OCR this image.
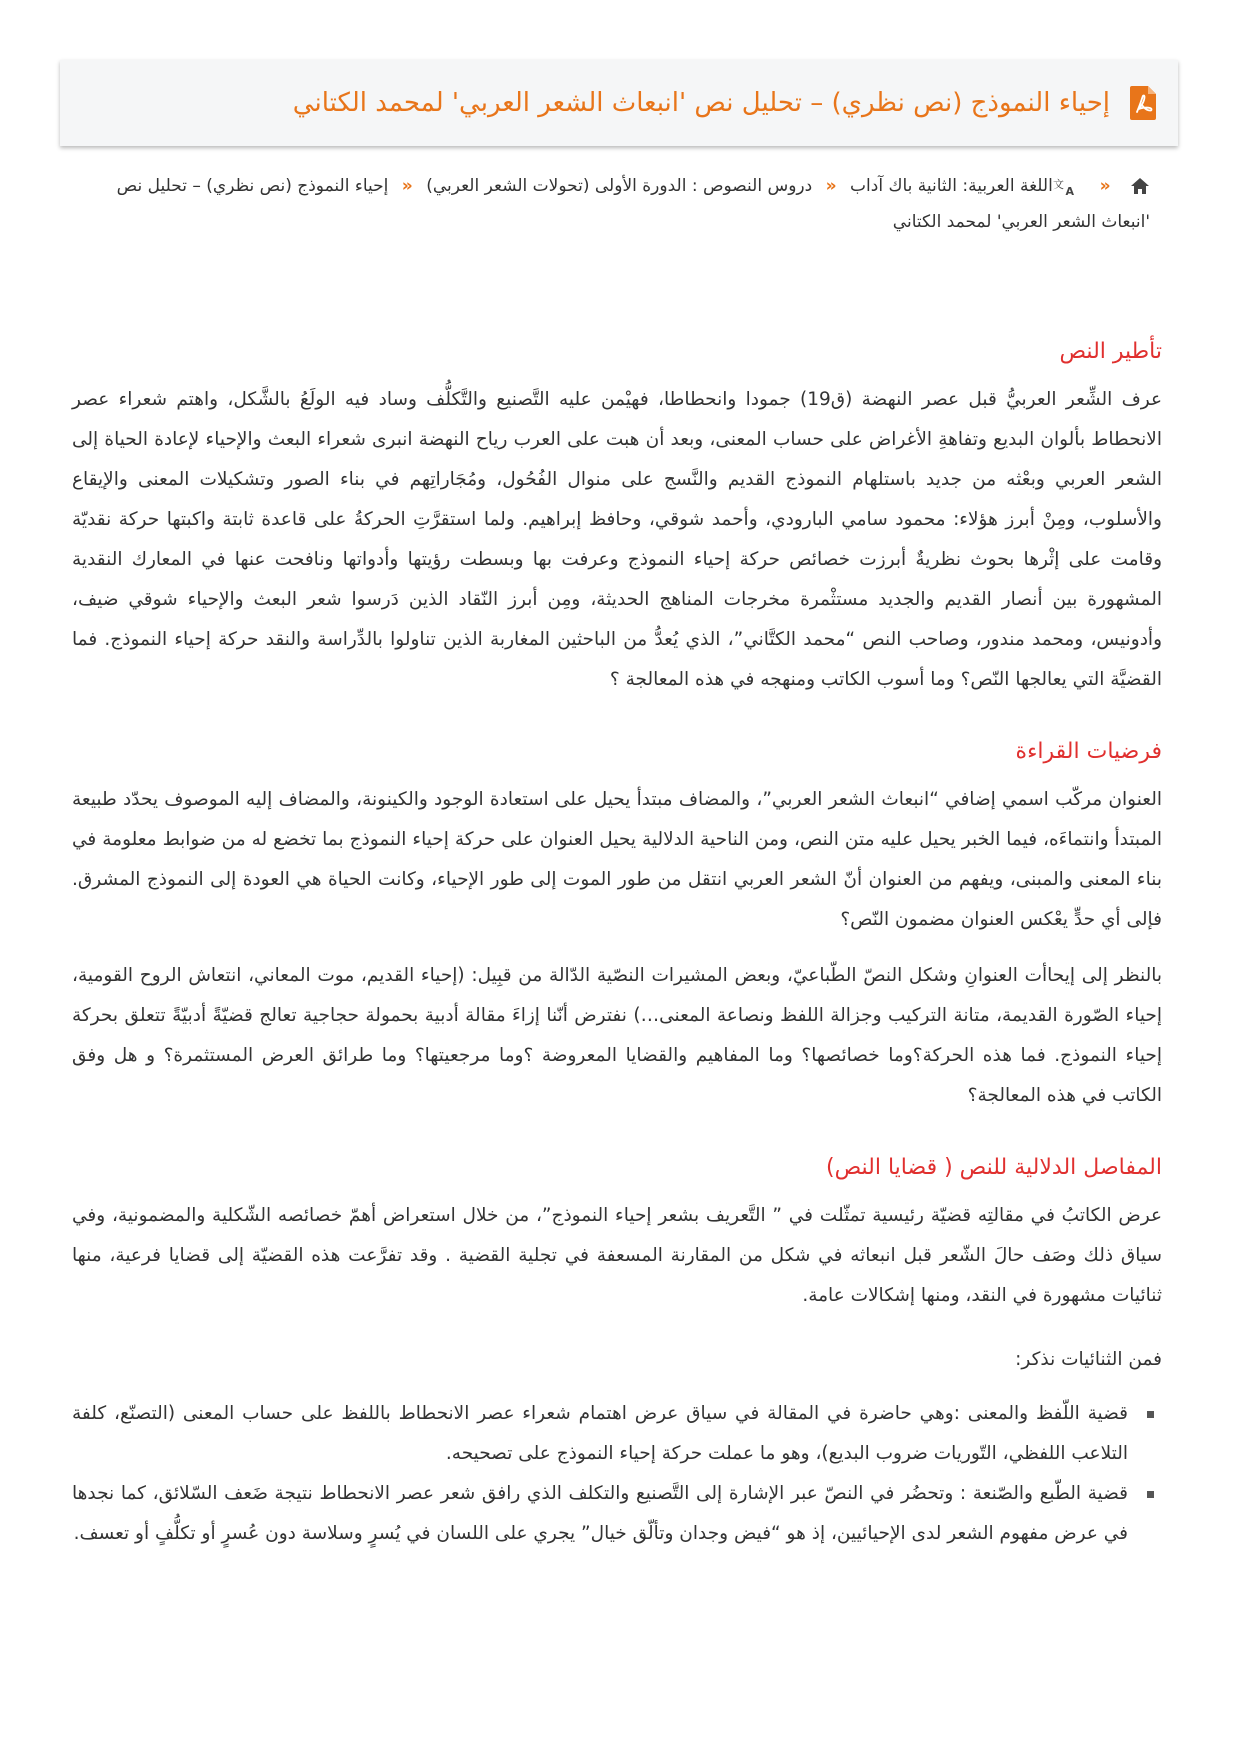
إحياء النموذج (نص نظري) – تحليل نص 'انبعاث الشعر العربي' لمحمد الكتاني
«
文
A
اللغة العربية: الثانية باك آداب « دروس النصوص : الدورة الأولى (تحولات الشعر العربي) « إحياء النموذج (نص نظري) – تحليل نص 'انبعاث الشعر العربي' لمحمد الكتاني
تأطير النص

عرف الشِّعر العربيُّ قبل عصر النهضة (ق19) جمودا وانحطاطا، فهيْمن عليه التَّصنيع والتَّكلُّف وساد فيه الولَعُ بالشَّكل، واهتم شعراء عصر الانحطاط بألوان البديع وتفاهةِ الأغراض على حساب المعنى، وبعد أن هبت على العرب رياح النهضة انبرى شعراء البعث والإحياء لإعادة الحياة إلى الشعر العربي وبعْثه من جديد باستلهام النموذج القديم والنَّسج على منوال الفُحُول، ومُجَاراتِهم في بناء الصور وتشكيلات المعنى والإيقاع والأسلوب، ومِنْ أبرز هؤلاء: محمود سامي البارودي، وأحمد شوقي، وحافظ إبراهيم. ولما استقرَّتِ الحركةُ على قاعدة ثابتة واكبتها حركة نقديّة وقامت على إثْرها بحوث نظريةٌ أبرزت خصائص حركة إحياء النموذج وعرفت بها وبسطت رؤيتها وأدواتها ونافحت عنها في المعارك النقدية المشهورة بين أنصار القديم والجديد مستثْمرة مخرجات المناهج الحديثة، ومِن أبرز النّقاد الذين دَرسوا شعر البعث والإحياء شوقي ضيف، وأدونيس، ومحمد مندور، وصاحب النص “محمد الكتَّاني”، الذي يُعدُّ من الباحثين المغاربة الذين تناولوا بالدِّراسة والنقد حركة إحياء النموذج. فما القضيَّة التي يعالجها النّص؟ وما أسوب الكاتب ومنهجه في هذه المعالجة ؟

فرضيات القراءة

العنوان مركّب اسمي إضافي “انبعاث الشعر العربي”، والمضاف مبتدأ يحيل على استعادة الوجود والكينونة، والمضاف إليه الموصوف يحدّد طبيعة المبتدأ وانتماءَه، فيما الخبر يحيل عليه متن النص، ومن الناحية الدلالية يحيل العنوان على حركة إحياء النموذج بما تخضع له من ضوابط معلومة في بناء المعنى والمبنى، ويفهم من العنوان أنّ الشعر العربي انتقل من طور الموت إلى طور الإحياء، وكانت الحياة هي العودة إلى النموذج المشرق. فإلى أي حدٍّ يعْكس العنوان مضمون النّص؟

بالنظر إلى إيحاأت العنوانِ وشكل النصّ الطّباعيّ، وبعض المشيرات النصّية الدّالة من قبِيل: (إحياء القديم، موت المعاني، انتعاش الروح القومية، إحياء الصّورة القديمة، متانة التركيب وجزالة اللفظ ونصاعة المعنى…) نفترض أنّنا إزاءَ مقالة أدبية بحمولة حجاجية تعالج قضيّةً أدبيّةً تتعلق بحركة إحياء النموذج. فما هذه الحركة؟وما خصائصها؟ وما المفاهيم والقضايا المعروضة ؟وما مرجعيتها؟ وما طرائق العرض المستثمرة؟ و هل وفق الكاتب في هذه المعالجة؟

المفاصل الدلالية للنص ( قضايا النص)

عرض الكاتبُ في مقالتِه قضيّة رئيسية تمثّلت في ” التَّعريف بشعر إحياء النموذج”، من خلال استعراض أهمّ خصائصه الشّكلية والمضمونية، وفي سياق ذلك وصَف حالَ الشّعر قبل انبعاثه في شكل من المقارنة المسعفة في تجلية القضية . وقد تفرَّعت هذه القضيّة إلى قضايا فرعية، منها ثنائيات مشهورة في النقد، ومنها إشكالات عامة.

فمن الثنائيات نذكر:

قضية اللّفظ والمعنى :وهي حاضرة في المقالة في سياق عرض اهتمام شعراء عصر الانحطاط باللفظ على حساب المعنى (التصنّع، كلفة التلاعب اللفظي، التّوريات ضروب البديع)، وهو ما عملت حركة إحياء النموذج على تصحيحه.
قضية الطّبع والصّنعة : وتحضُر في النصّ عبر الإشارة إلى التَّصنيع والتكلف الذي رافق شعر عصر الانحطاط نتيجة ضَعف السّلائق، كما نجدها في عرض مفهوم الشعر لدى الإحيائيين، إذ هو “فيض وجدان وتألّق خيال” يجري على اللسان في يُسرٍ وسلاسة دون عُسرٍ أو تكلُّفٍ أو تعسف.
